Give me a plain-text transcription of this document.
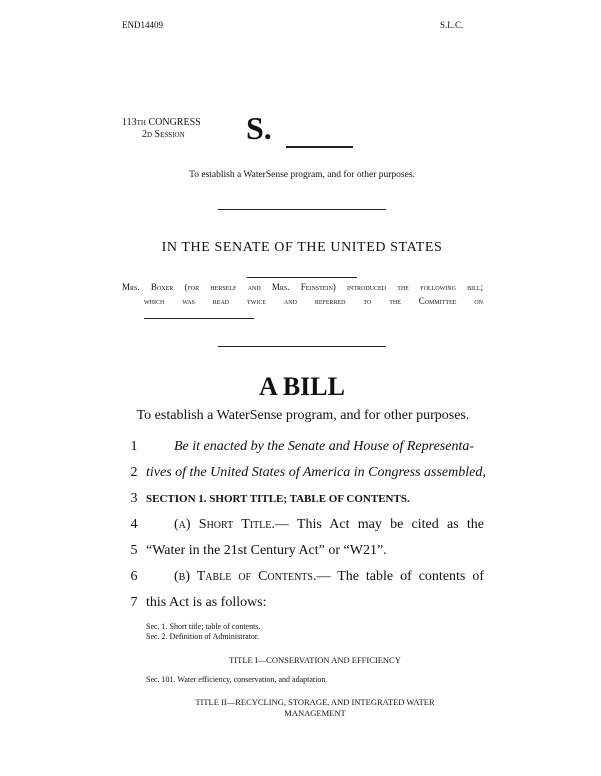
END14409	S.L.C.
113th CONGRESS
2d Session	S.
To establish a WaterSense program, and for other purposes.
IN THE SENATE OF THE UNITED STATES
Mrs. Boxer (for herself and Mrs. Feinstein) introduced the following bill;
which was read twice and referred to the Committee on
A BILL
To establish a WaterSense program, and for other purposes.
1	Be it enacted by the Senate and House of Representa-
2 tives of the United States of America in Congress assembled,
3 SECTION 1. SHORT TITLE; TABLE OF CONTENTS.
4	(a) Short Title.— This Act may be cited as the
5 “Water in the 21st Century Act” or “W21”.
6	(b) Table of Contents.— The table of contents of
7 this Act is as follows:
Sec. 1. Short title; table of contents.
Sec. 2. Definition of Administrator.
TITLE I—CONSERVATION AND EFFICIENCY
Sec. 101. Water efficiency, conservation, and adaptation.
TITLE II—RECYCLING, STORAGE, AND INTEGRATED WATER
MANAGEMENT
